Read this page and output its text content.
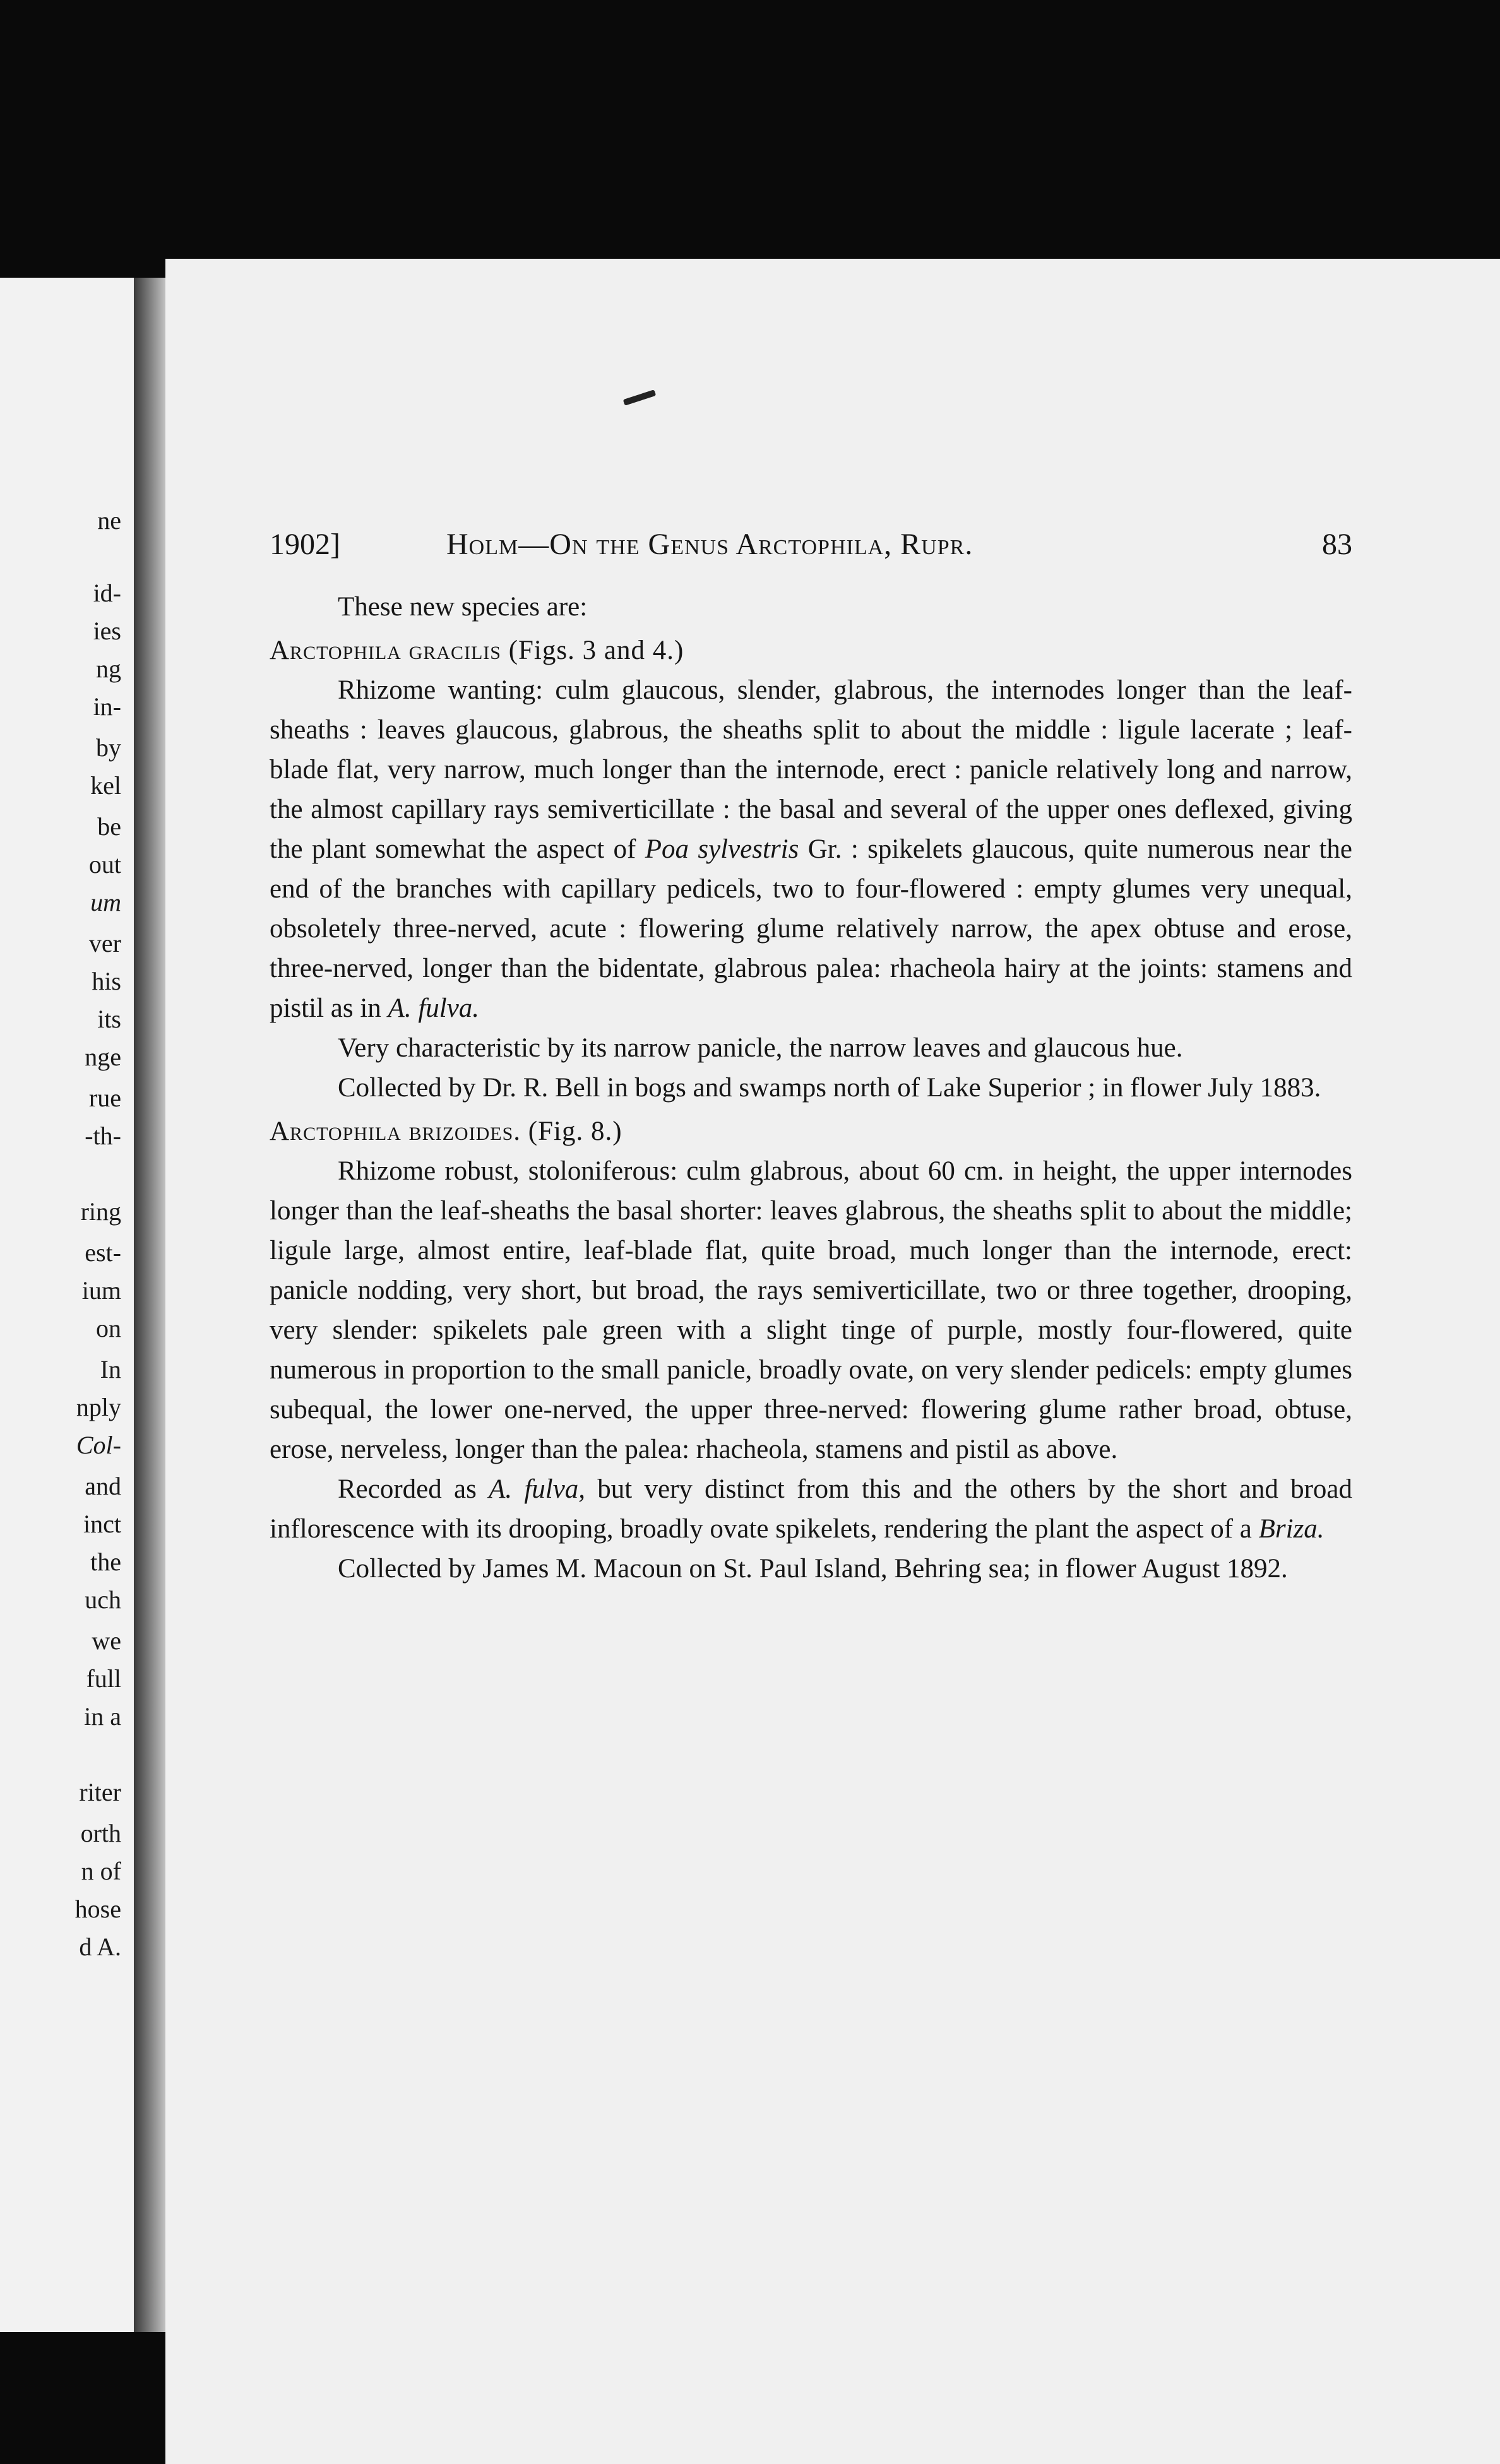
ne
id-
ies
ng
in-
by
kel
be
out
um
ver
his
its
nge
rue
-th-
ring
est-
ium
on
In
nply
Col-
and
inct
the
uch
we
full
in a
riter
orth
n of
hose
d A.
1902]	Holm—On the Genus Arctophila, Rupr.	83

These new species are:

Arctophila gracilis (Figs. 3 and 4.)

Rhizome wanting: culm glaucous, slender, glabrous, the internodes longer than the leaf-sheaths : leaves glaucous, glabrous, the sheaths split to about the middle : ligule lacerate ; leaf-blade flat, very narrow, much longer than the internode, erect : panicle relatively long and narrow, the almost capillary rays semiverticillate : the basal and several of the upper ones deflexed, giving the plant somewhat the aspect of Poa sylvestris Gr. : spikelets glaucous, quite numerous near the end of the branches with capillary pedicels, two to four-flowered : empty glumes very unequal, obsoletely three-nerved, acute : flowering glume relatively narrow, the apex obtuse and erose, three-nerved, longer than the bidentate, glabrous palea: rhacheola hairy at the joints: stamens and pistil as in A. fulva.

Very characteristic by its narrow panicle, the narrow leaves and glaucous hue.

Collected by Dr. R. Bell in bogs and swamps north of Lake Superior ; in flower July 1883.

Arctophila brizoides. (Fig. 8.)

Rhizome robust, stoloniferous: culm glabrous, about 60 cm. in height, the upper internodes longer than the leaf-sheaths the basal shorter: leaves glabrous, the sheaths split to about the middle; ligule large, almost entire, leaf-blade flat, quite broad, much longer than the internode, erect: panicle nodding, very short, but broad, the rays semiverticillate, two or three together, drooping, very slender: spikelets pale green with a slight tinge of purple, mostly four-flowered, quite numerous in proportion to the small panicle, broadly ovate, on very slender pedicels: empty glumes subequal, the lower one-nerved, the upper three-nerved: flowering glume rather broad, obtuse, erose, nerveless, longer than the palea: rhacheola, stamens and pistil as above.

Recorded as A. fulva, but very distinct from this and the others by the short and broad inflorescence with its drooping, broadly ovate spikelets, rendering the plant the aspect of a Briza.

Collected by James M. Macoun on St. Paul Island, Behring sea; in flower August 1892.
